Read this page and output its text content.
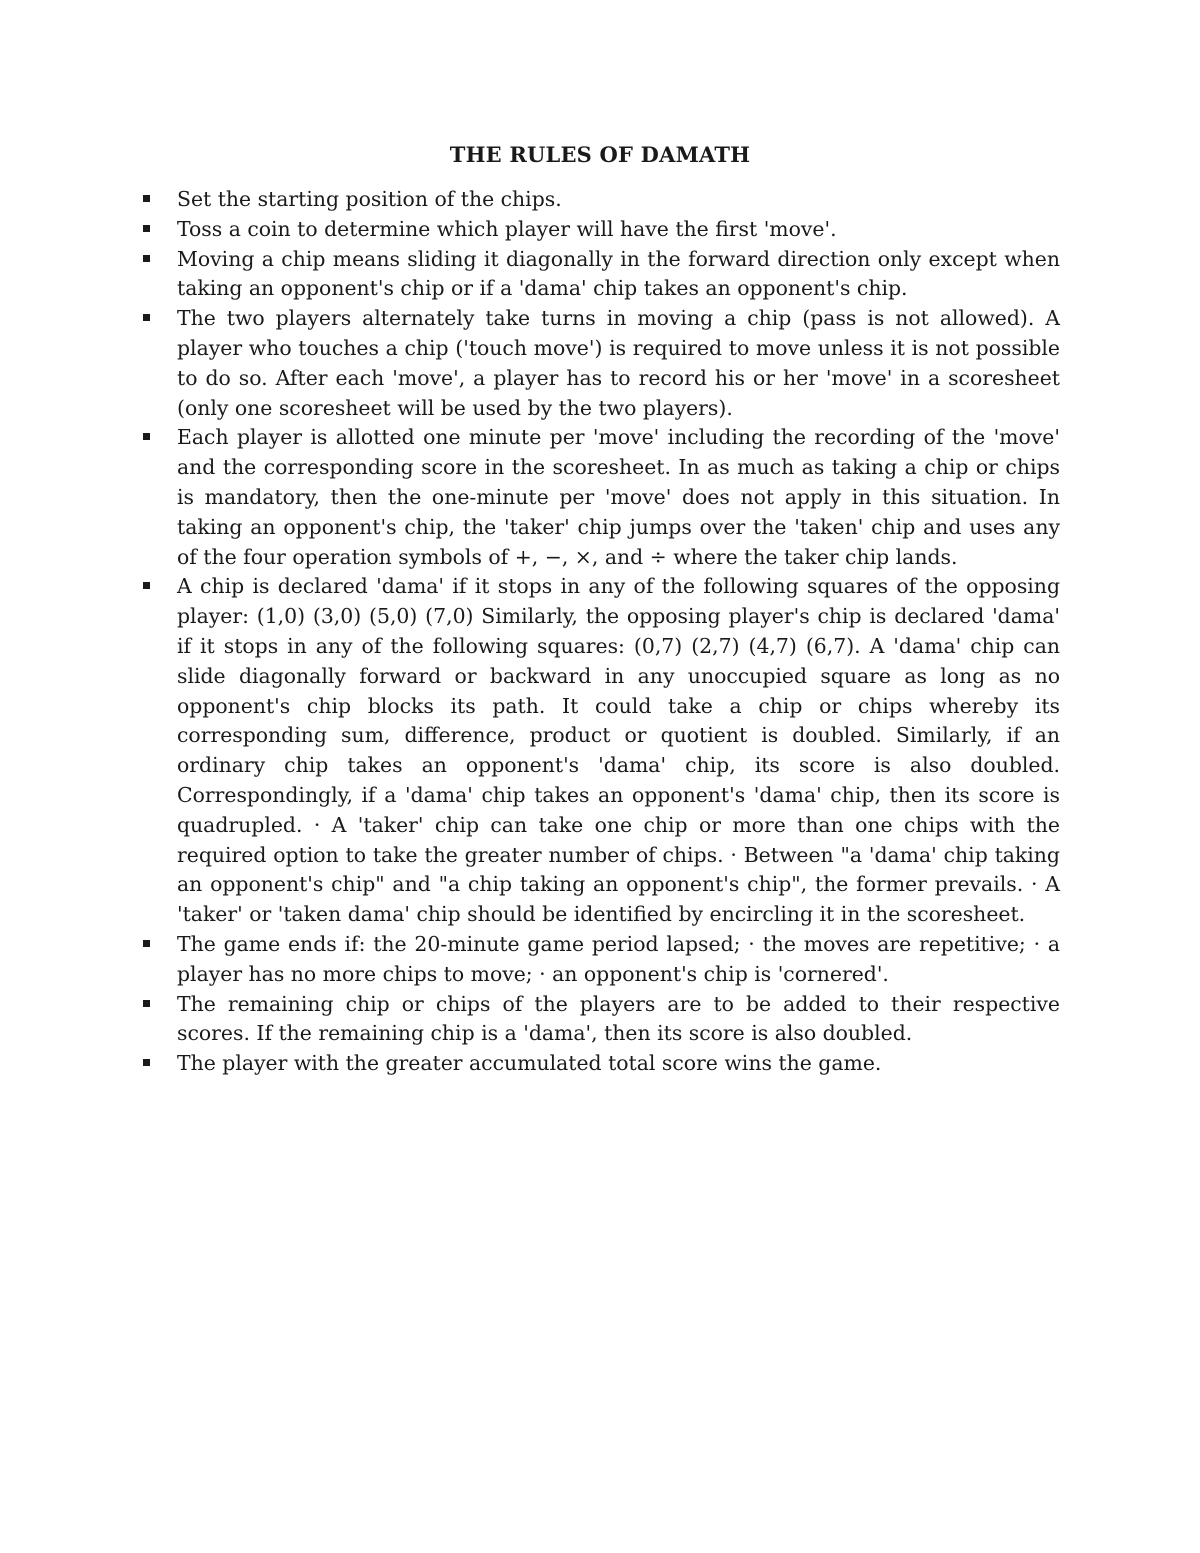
THE RULES OF DAMATH
Set the starting position of the chips.
Toss a coin to determine which player will have the first 'move'.
Moving a chip means sliding it diagonally in the forward direction only except when taking an opponent's chip or if a 'dama' chip takes an opponent's chip.
The two players alternately take turns in moving a chip (pass is not allowed). A player who touches a chip ('touch move') is required to move unless it is not possible to do so. After each 'move', a player has to record his or her 'move' in a scoresheet (only one scoresheet will be used by the two players).
Each player is allotted one minute per 'move' including the recording of the 'move' and the corresponding score in the scoresheet. In as much as taking a chip or chips is mandatory, then the one-minute per 'move' does not apply in this situation. In taking an opponent's chip, the 'taker' chip jumps over the 'taken' chip and uses any of the four operation symbols of +, −, ×, and ÷ where the taker chip lands.
A chip is declared 'dama' if it stops in any of the following squares of the opposing player: (1,0) (3,0) (5,0) (7,0) Similarly, the opposing player's chip is declared 'dama' if it stops in any of the following squares: (0,7) (2,7) (4,7) (6,7). A 'dama' chip can slide diagonally forward or backward in any unoccupied square as long as no opponent's chip blocks its path. It could take a chip or chips whereby its corresponding sum, difference, product or quotient is doubled. Similarly, if an ordinary chip takes an opponent's 'dama' chip, its score is also doubled. Correspondingly, if a 'dama' chip takes an opponent's 'dama' chip, then its score is quadrupled. · A 'taker' chip can take one chip or more than one chips with the required option to take the greater number of chips. · Between "a 'dama' chip taking an opponent's chip" and "a chip taking an opponent's chip", the former prevails. · A 'taker' or 'taken dama' chip should be identified by encircling it in the scoresheet.
The game ends if: the 20-minute game period lapsed; · the moves are repetitive; · a player has no more chips to move; · an opponent's chip is 'cornered'.
The remaining chip or chips of the players are to be added to their respective scores. If the remaining chip is a 'dama', then its score is also doubled.
The player with the greater accumulated total score wins the game.
